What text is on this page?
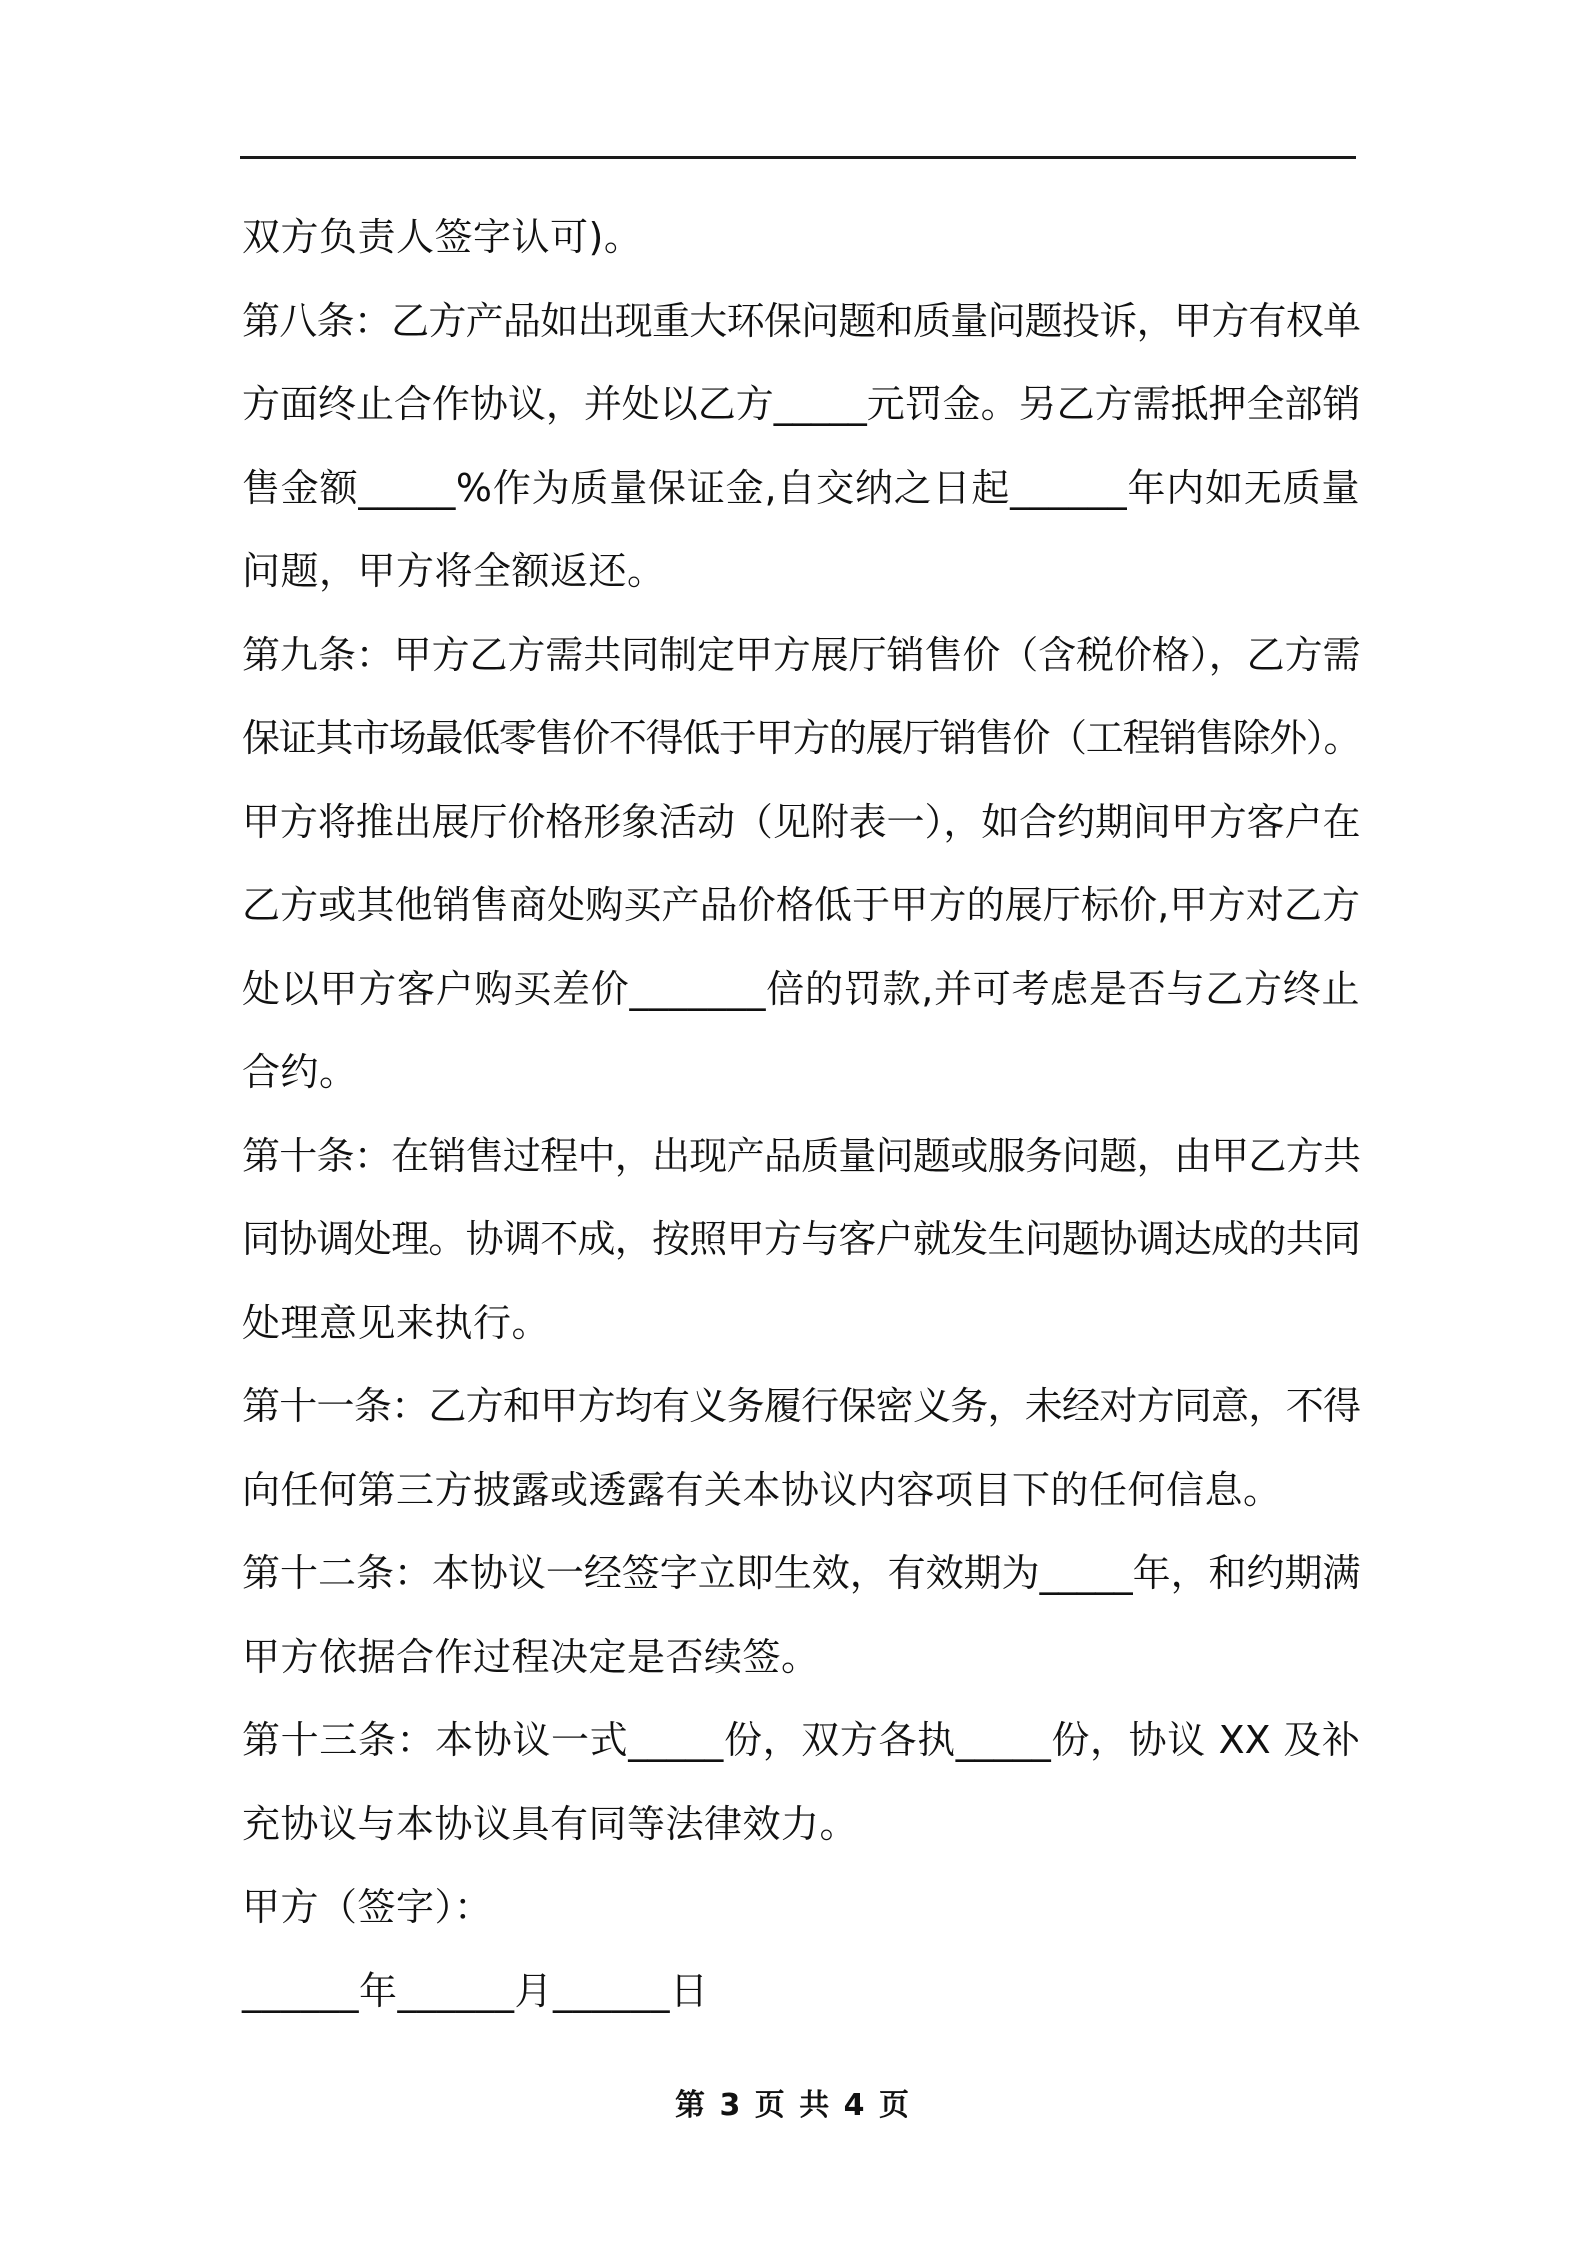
双方负责人签字认可)。
第八条：乙方产品如出现重大环保问题和质量问题投诉，甲方有权单
方面终止合作协议，并处以乙方_____元罚金。另乙方需抵押全部销
售金额_____%作为质量保证金,自交纳之日起______年内如无质量
问题，甲方将全额返还。
第九条：甲方乙方需共同制定甲方展厅销售价（含税价格），乙方需
保证其市场最低零售价不得低于甲方的展厅销售价（工程销售除外）。
甲方将推出展厅价格形象活动（见附表一），如合约期间甲方客户在
乙方或其他销售商处购买产品价格低于甲方的展厅标价,甲方对乙方
处以甲方客户购买差价_______倍的罚款,并可考虑是否与乙方终止
合约。
第十条：在销售过程中，出现产品质量问题或服务问题，由甲乙方共
同协调处理。协调不成，按照甲方与客户就发生问题协调达成的共同
处理意见来执行。
第十一条：乙方和甲方均有义务履行保密义务，未经对方同意，不得
向任何第三方披露或透露有关本协议内容项目下的任何信息。
第十二条：本协议一经签字立即生效，有效期为_____年，和约期满
甲方依据合作过程决定是否续签。
第十三条：本协议一式_____份，双方各执_____份，协议 XX 及补
充协议与本协议具有同等法律效力。
甲方（签字）：
______年______月______日
第 3 页 共 4 页
